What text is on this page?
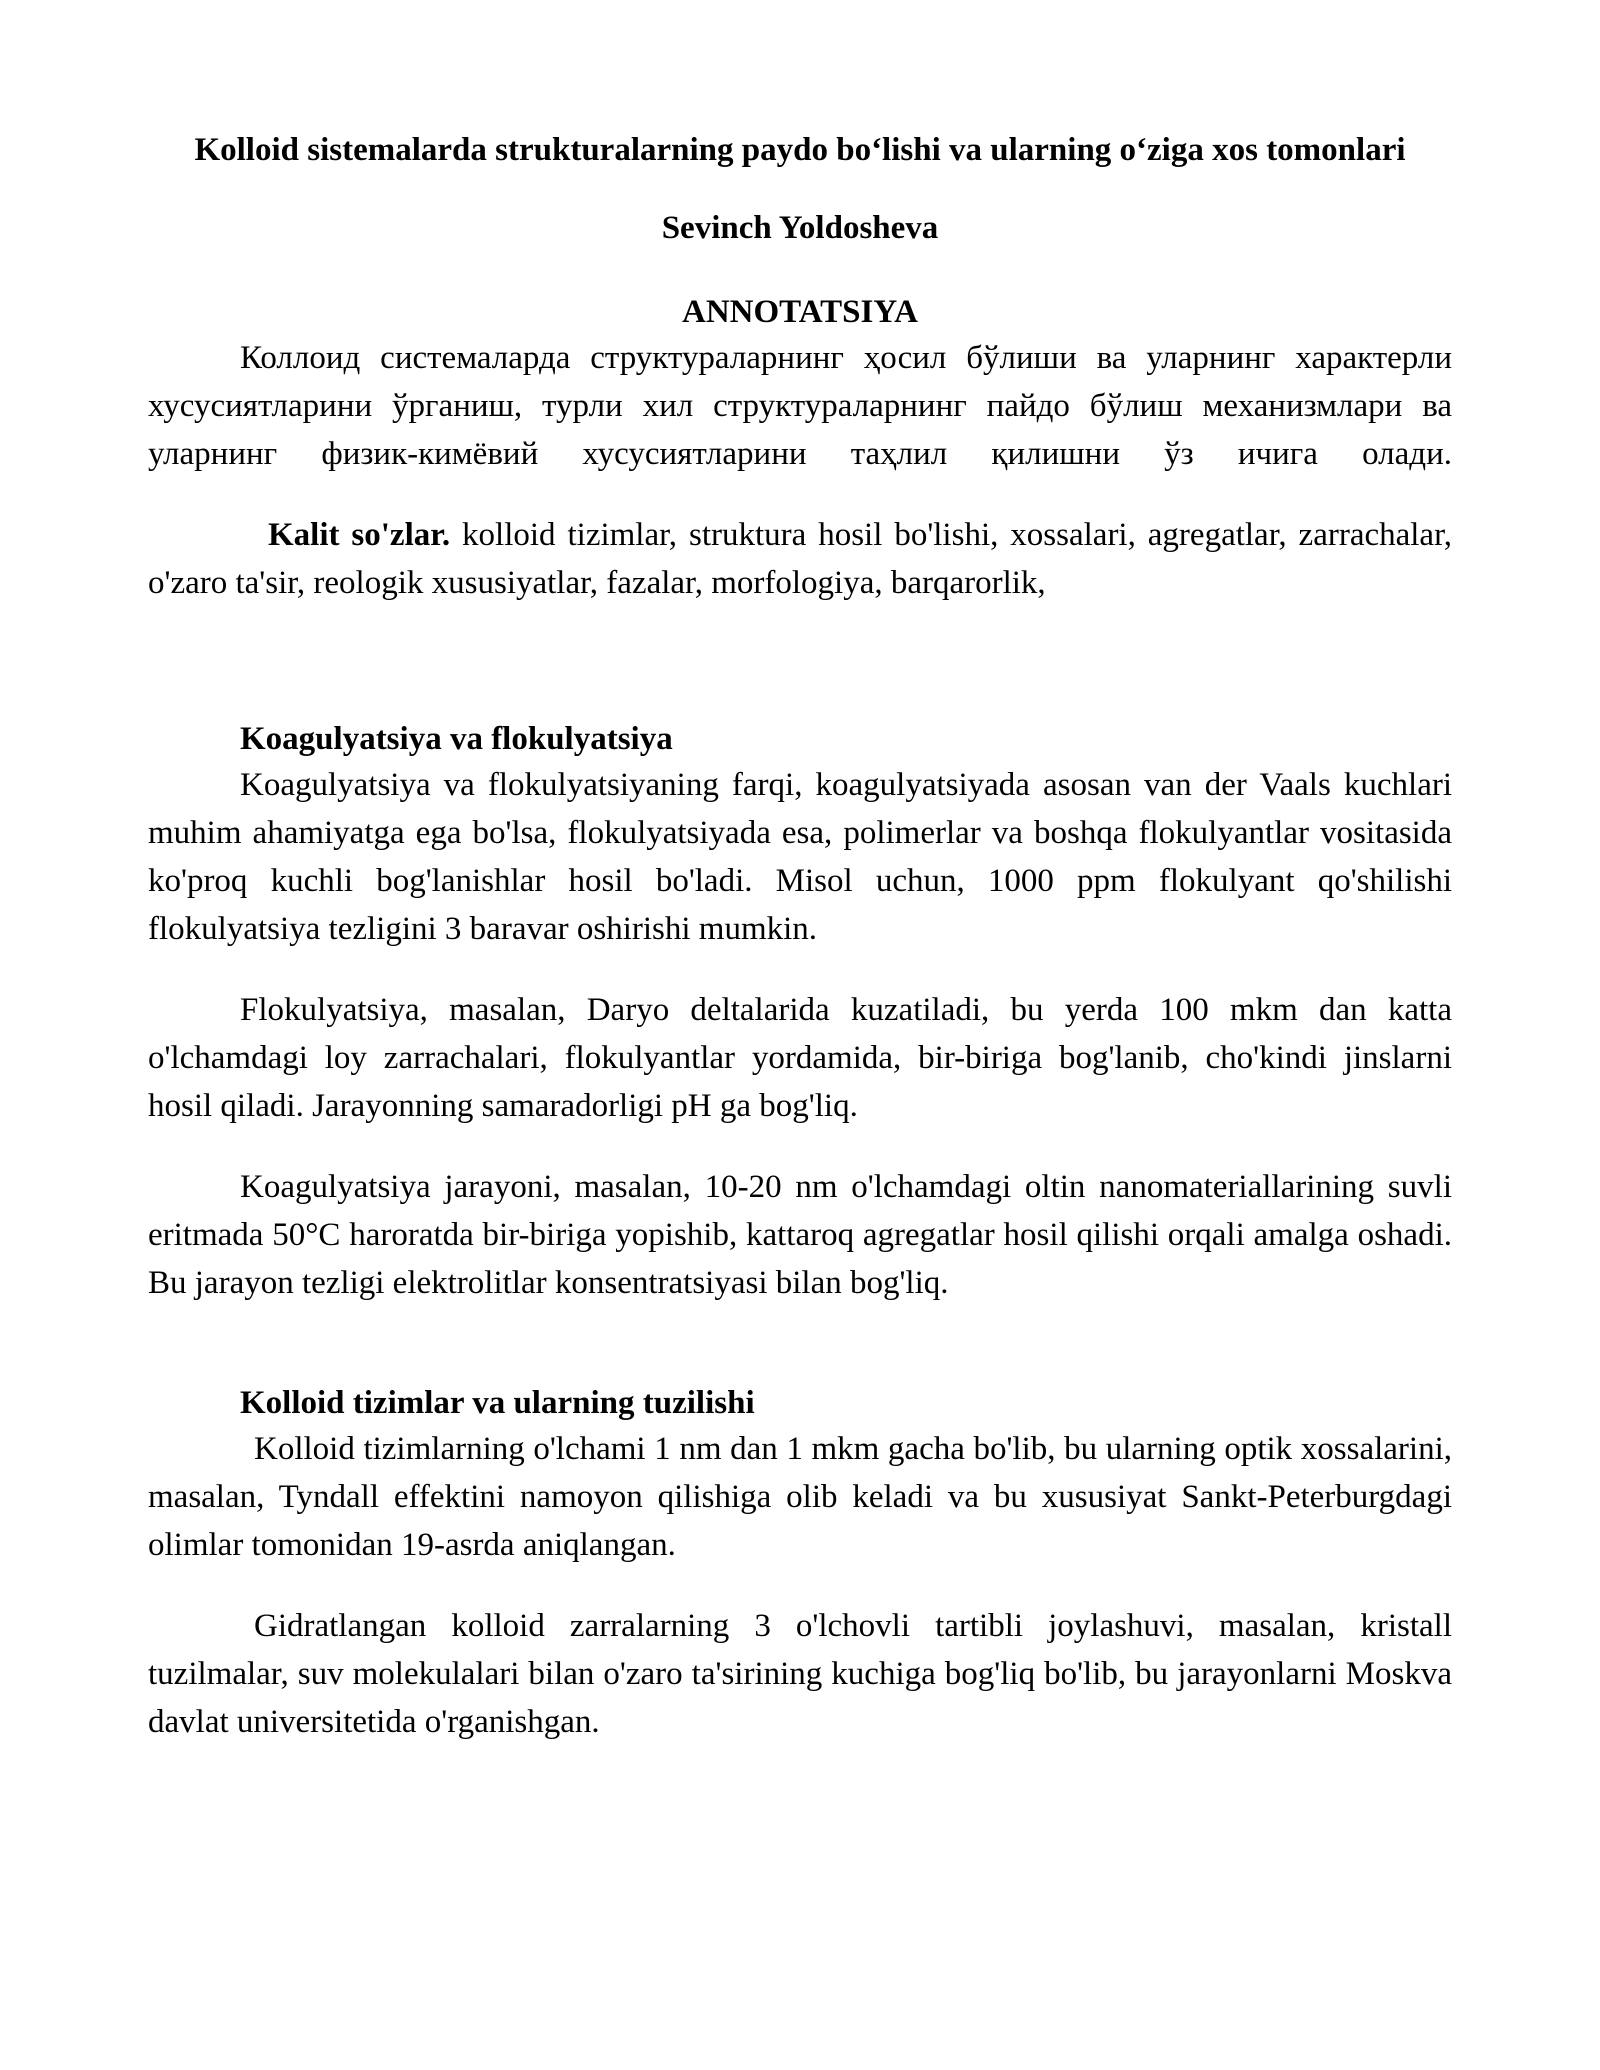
Kolloid sistemalarda strukturalarning paydo bo‘lishi va ularning o‘ziga xos tomonlari
Sevinch Yoldosheva
ANNOTATSIYA

Коллоид системаларда структураларнинг ҳосил бўлиши ва уларнинг характерли хусусиятларини ўрганиш, турли хил структураларнинг пайдо бўлиш механизмлари ва уларнинг физик-кимёвий хусусиятларини таҳлил қилишни ўз ичига олади.

Kalit so'zlar. kolloid tizimlar, struktura hosil bo'lishi, xossalari, agregatlar, zarrachalar, o'zaro ta'sir, reologik xususiyatlar, fazalar, morfologiya, barqarorlik,

Koagulyatsiya va flokulyatsiya

Koagulyatsiya va flokulyatsiyaning farqi, koagulyatsiyada asosan van der Vaals kuchlari muhim ahamiyatga ega bo'lsa, flokulyatsiyada esa, polimerlar va boshqa flokulyantlar vositasida ko'proq kuchli bog'lanishlar hosil bo'ladi. Misol uchun, 1000 ppm flokulyant qo'shilishi flokulyatsiya tezligini 3 baravar oshirishi mumkin.

Flokulyatsiya, masalan, Daryo deltalarida kuzatiladi, bu yerda 100 mkm dan katta o'lchamdagi loy zarrachalari, flokulyantlar yordamida, bir-biriga bog'lanib, cho'kindi jinslarni hosil qiladi. Jarayonning samaradorligi pH ga bog'liq.

Koagulyatsiya jarayoni, masalan, 10-20 nm o'lchamdagi oltin nanomateriallarining suvli eritmada 50°C haroratda bir-biriga yopishib, kattaroq agregatlar hosil qilishi orqali amalga oshadi. Bu jarayon tezligi elektrolitlar konsentratsiyasi bilan bog'liq.

Kolloid tizimlar va ularning tuzilishi

Kolloid tizimlarning o'lchami 1 nm dan 1 mkm gacha bo'lib, bu ularning optik xossalarini, masalan, Tyndall effektini namoyon qilishiga olib keladi va bu xususiyat Sankt-Peterburgdagi olimlar tomonidan 19-asrda aniqlangan.

Gidratlangan kolloid zarralarning 3 o'lchovli tartibli joylashuvi, masalan, kristall tuzilmalar, suv molekulalari bilan o'zaro ta'sirining kuchiga bog'liq bo'lib, bu jarayonlarni Moskva davlat universitetida o'rganishgan.
